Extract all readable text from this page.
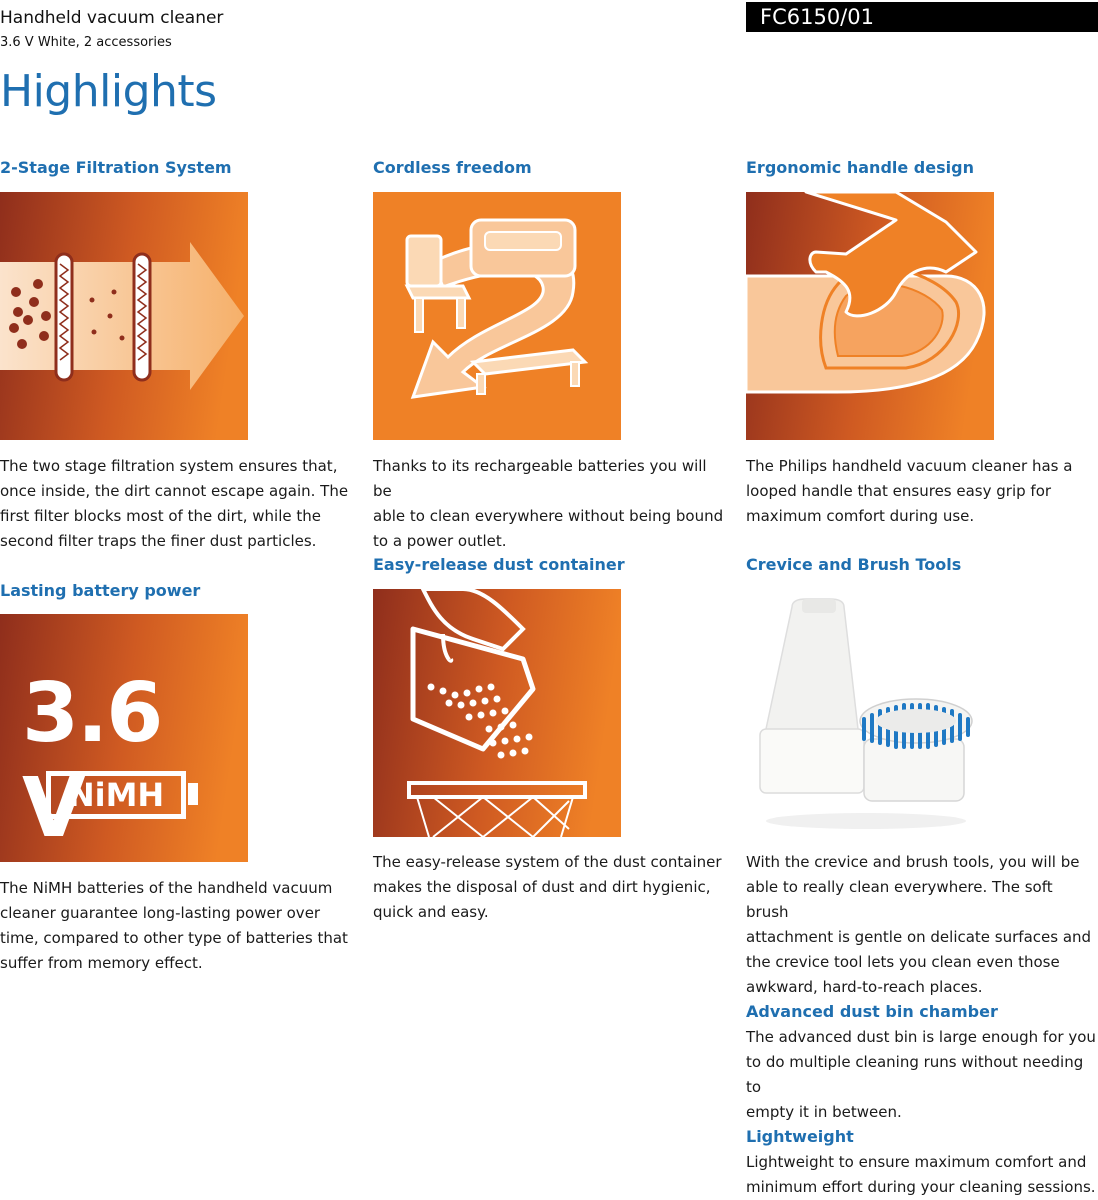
Handheld vacuum cleaner
3.6 V White, 2 accessories
FC6150/01
Highlights
2-Stage Filtration System
The two stage filtration system ensures that,
once inside, the dirt cannot escape again. The
first filter blocks most of the dirt, while the
second filter traps the finer dust particles.
Lasting battery power
3.6 V
NiMH
The NiMH batteries of the handheld vacuum
cleaner guarantee long-lasting power over
time, compared to other type of batteries that
suffer from memory effect.
Cordless freedom
Thanks to its rechargeable batteries you will be
able to clean everywhere without being bound
to a power outlet.
Easy-release dust container
The easy-release system of the dust container
makes the disposal of dust and dirt hygienic,
quick and easy.
Ergonomic handle design
The Philips handheld vacuum cleaner has a
looped handle that ensures easy grip for
maximum comfort during use.
Crevice and Brush Tools
With the crevice and brush tools, you will be
able to really clean everywhere. The soft brush
attachment is gentle on delicate surfaces and
the crevice tool lets you clean even those
awkward, hard-to-reach places.
Advanced dust bin chamber
The advanced dust bin is large enough for you
to do multiple cleaning runs without needing to
empty it in between.
Lightweight
Lightweight to ensure maximum comfort and
minimum effort during your cleaning sessions.
